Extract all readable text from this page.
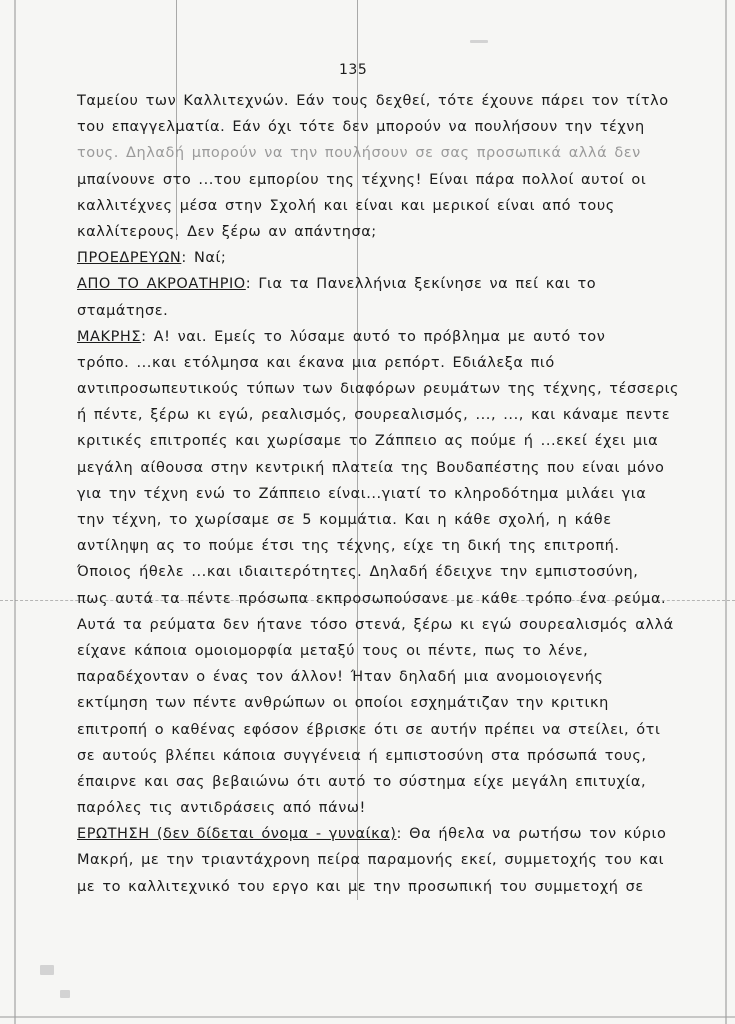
135
Ταμείου των Καλλιτεχνών. Εάν τους δεχθεί, τότε έχουνε πάρει τον τίτλο
του επαγγελματία. Εάν όχι τότε δεν μπορούν να πουλήσουν την τέχνη
τους. Δηλαδή μπορούν να την πουλήσουν σε σας προσωπικά αλλά δεν
μπαίνουνε στο ...του εμπορίου της τέχνης! Είναι πάρα πολλοί αυτοί οι
καλλιτέχνες μέσα στην Σχολή και είναι και μερικοί είναι από τους
καλλίτερους. Δεν ξέρω αν απάντησα;
ΠΡΟΕΔΡΕΥΩΝ: Ναί;
ΑΠΟ ΤΟ ΑΚΡΟΑΤΗΡΙΟ: Για τα Πανελλήνια ξεκίνησε να πεί και το
σταμάτησε.
ΜΑΚΡΗΣ: Α! ναι. Εμείς το λύσαμε αυτό το πρόβλημα με αυτό τον
τρόπο. ...και ετόλμησα και έκανα μια ρεπόρτ. Εδιάλεξα πιό
αντιπροσωπευτικούς τύπων των διαφόρων ρευμάτων της τέχνης, τέσσερις
ή πέντε, ξέρω κι εγώ, ρεαλισμός, σουρεαλισμός, ..., ..., και κάναμε πεντε
κριτικές επιτροπές και χωρίσαμε το Ζάππειο ας πούμε ή ...εκεί έχει μια
μεγάλη αίθουσα στην κεντρική πλατεία της Βουδαπέστης που είναι μόνο
για την τέχνη ενώ το Ζάππειο είναι...γιατί το κληροδότημα μιλάει για
την τέχνη, το χωρίσαμε σε 5 κομμάτια. Και η κάθε σχολή, η κάθε
αντίληψη ας το πούμε έτσι της τέχνης, είχε τη δική της επιτροπή.
Όποιος ήθελε ...και ιδιαιτερότητες. Δηλαδή έδειχνε την εμπιστοσύνη,
πως αυτά τα πέντε πρόσωπα εκπροσωπούσανε με κάθε τρόπο ένα ρεύμα.
Αυτά τα ρεύματα δεν ήτανε τόσο στενά, ξέρω κι εγώ σουρεαλισμός αλλά
είχανε κάποια ομοιομορφία μεταξύ τους οι πέντε, πως το λένε,
παραδέχονταν ο ένας τον άλλον! Ήταν δηλαδή μια ανομοιογενής
εκτίμηση των πέντε ανθρώπων οι οποίοι εσχημάτιζαν την κριτικη
επιτροπή ο καθένας εφόσον έβρισκε ότι σε αυτήν πρέπει να στείλει, ότι
σε αυτούς βλέπει κάποια συγγένεια ή εμπιστοσύνη στα πρόσωπά τους,
έπαιρνε και σας βεβαιώνω ότι αυτό το σύστημα είχε μεγάλη επιτυχία,
παρόλες τις αντιδράσεις από πάνω!
ΕΡΩΤΗΣΗ (δεν δίδεται όνομα - γυναίκα): Θα ήθελα να ρωτήσω τον κύριο
Μακρή, με την τριαντάχρονη πείρα παραμονής εκεί, συμμετοχής του και
με το καλλιτεχνικό του εργο και με την προσωπική του συμμετοχή σε
